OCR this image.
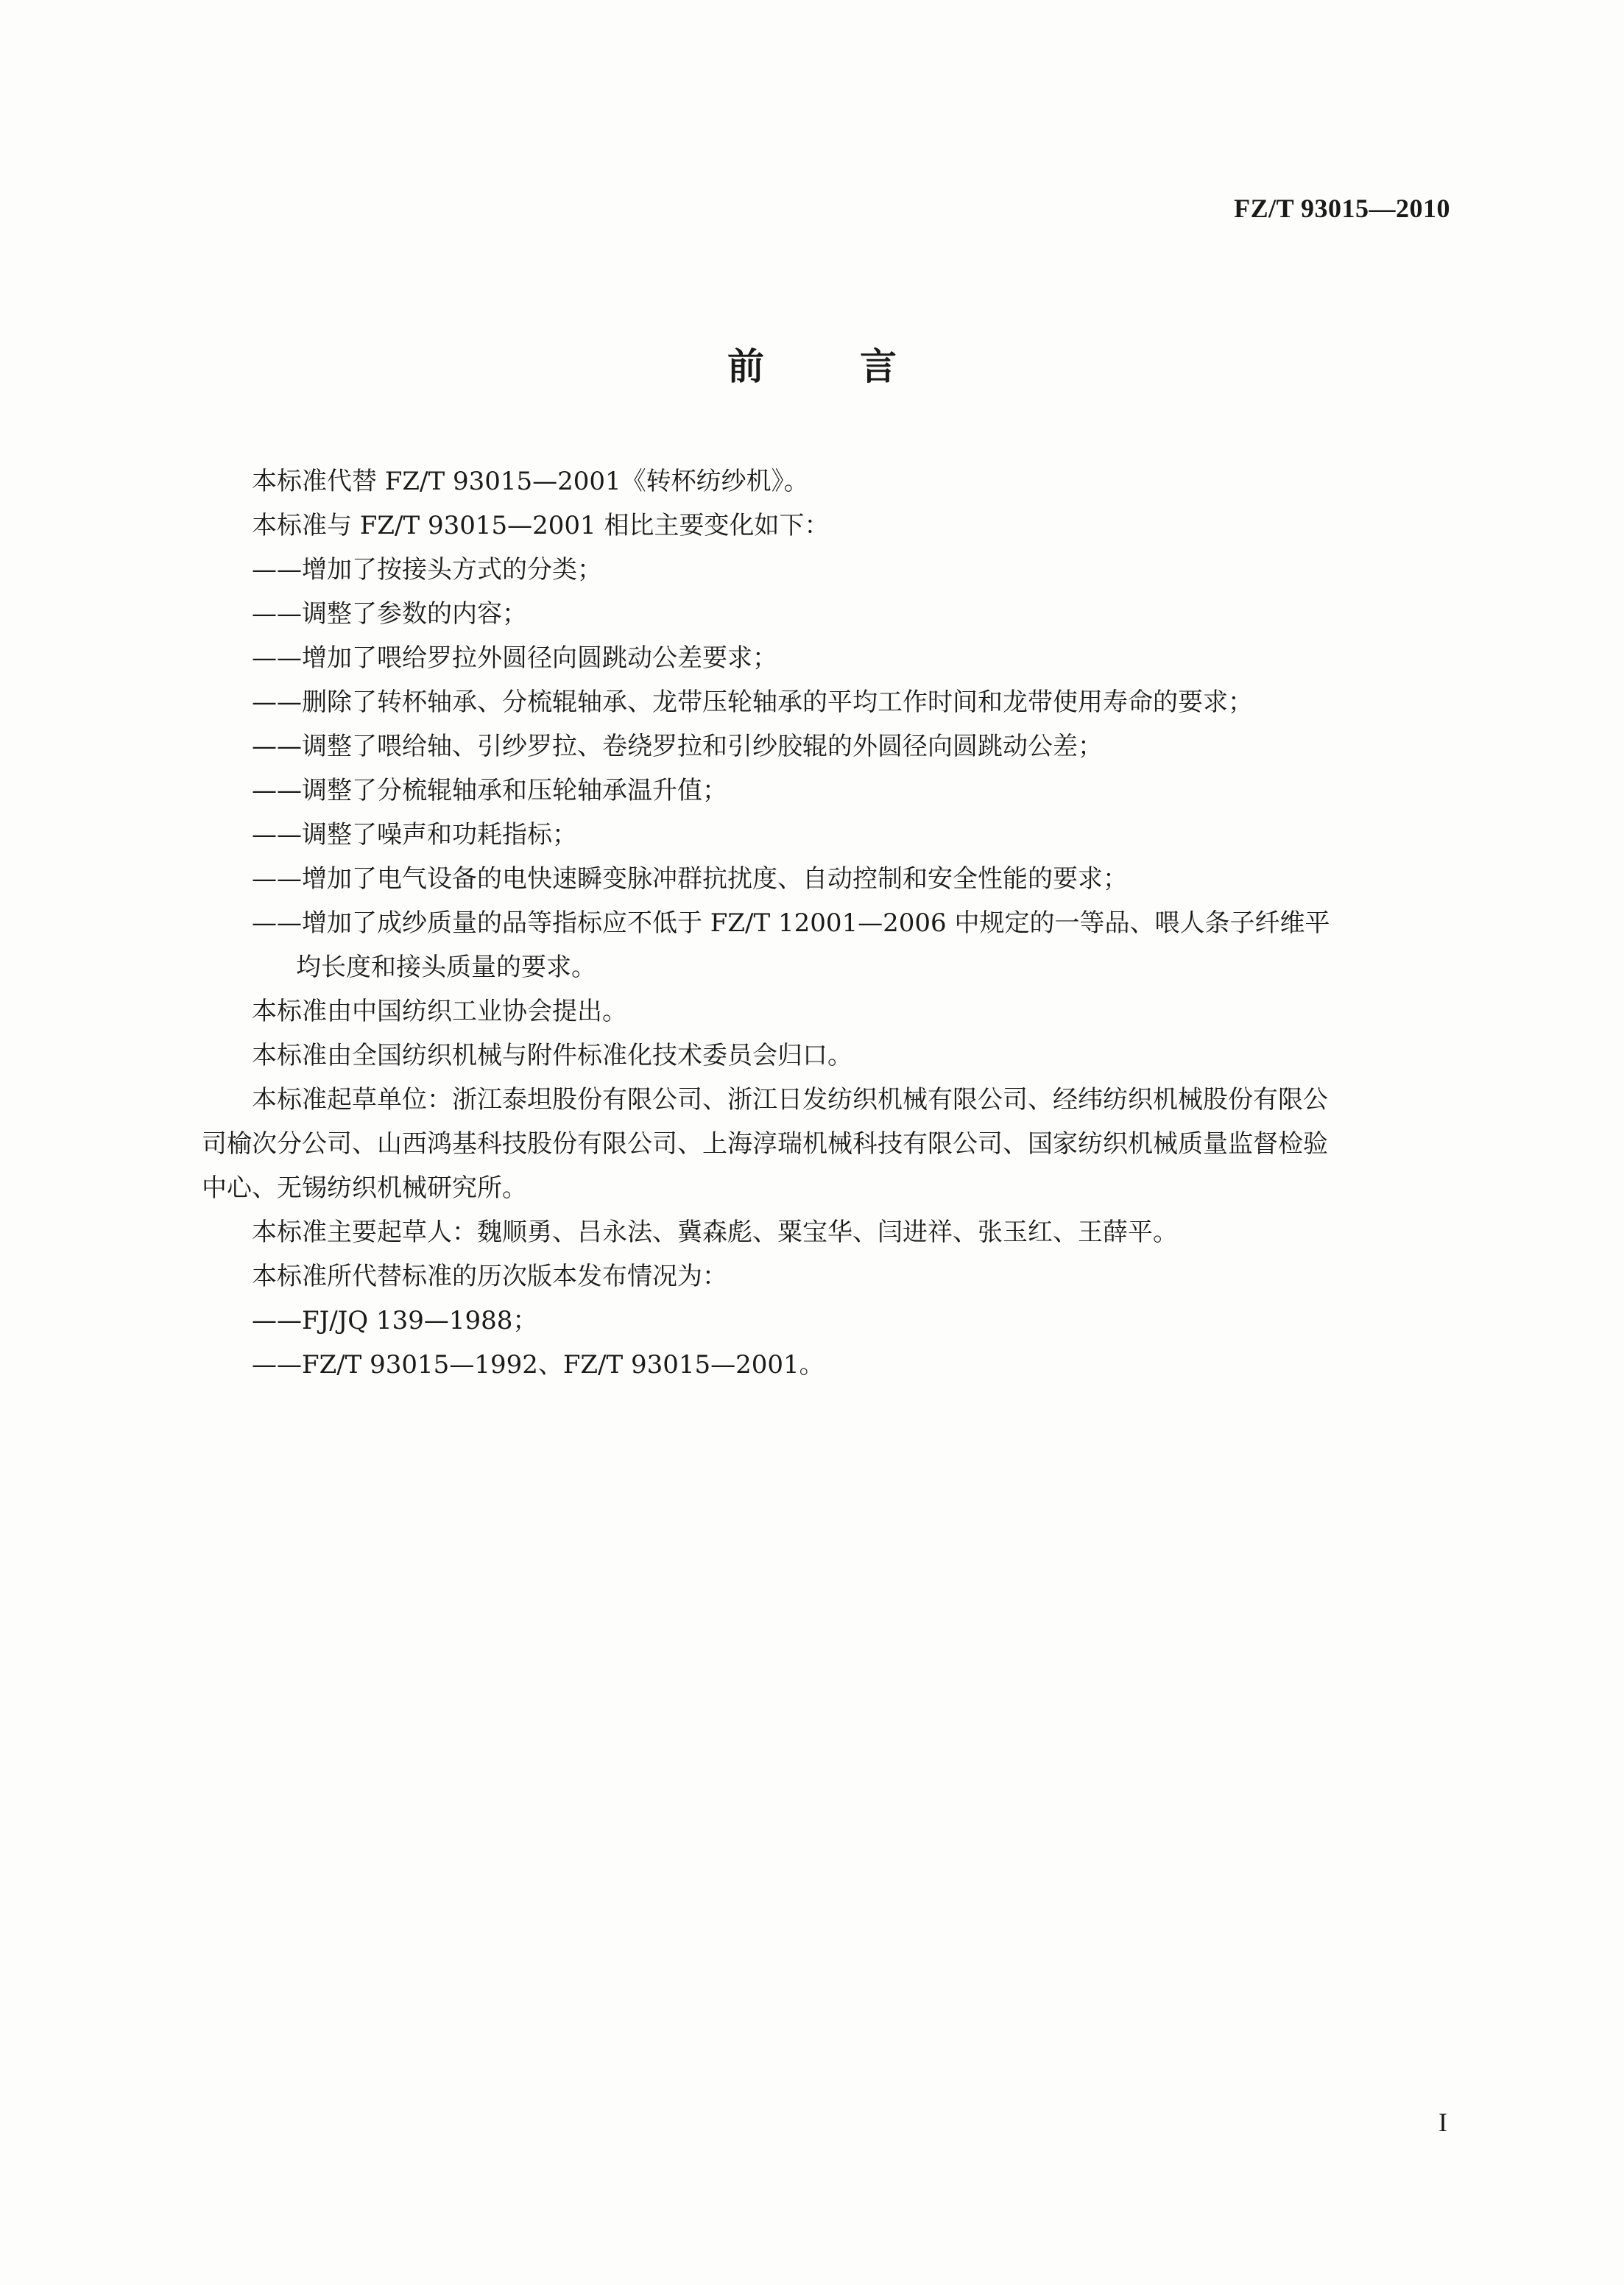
FZ/T 93015—2010
前言
本标准代替 FZ/T 93015—2001《转杯纺纱机》。
本标准与 FZ/T 93015—2001 相比主要变化如下：
——增加了按接头方式的分类；
——调整了参数的内容；
——增加了喂给罗拉外圆径向圆跳动公差要求；
——删除了转杯轴承、分梳辊轴承、龙带压轮轴承的平均工作时间和龙带使用寿命的要求；
——调整了喂给轴、引纱罗拉、卷绕罗拉和引纱胶辊的外圆径向圆跳动公差；
——调整了分梳辊轴承和压轮轴承温升值；
——调整了噪声和功耗指标；
——增加了电气设备的电快速瞬变脉冲群抗扰度、自动控制和安全性能的要求；
——增加了成纱质量的品等指标应不低于 FZ/T 12001—2006 中规定的一等品、喂人条子纤维平
均长度和接头质量的要求。
本标准由中国纺织工业协会提出。
本标准由全国纺织机械与附件标准化技术委员会归口。
本标准起草单位：浙江泰坦股份有限公司、浙江日发纺织机械有限公司、经纬纺织机械股份有限公
司榆次分公司、山西鸿基科技股份有限公司、上海淳瑞机械科技有限公司、国家纺织机械质量监督检验
中心、无锡纺织机械研究所。
本标准主要起草人：魏顺勇、吕永法、冀森彪、粟宝华、闫进祥、张玉红、王薛平。
本标准所代替标准的历次版本发布情况为：
——FJ/JQ 139—1988；
——FZ/T 93015—1992、FZ/T 93015—2001。
I
